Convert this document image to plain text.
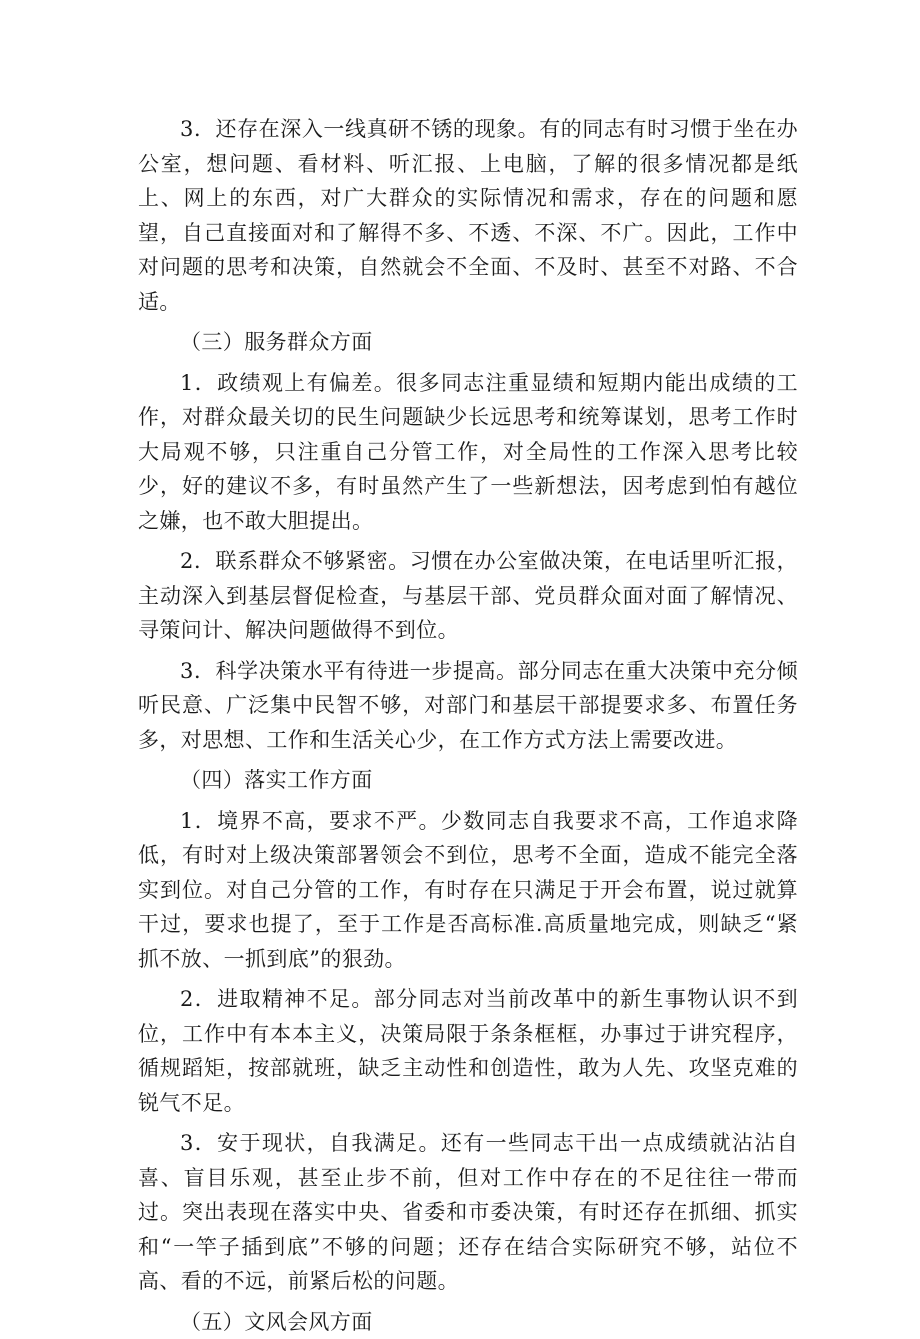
3．还存在深入一线真研不锈的现象。有的同志有时习惯于坐在办公室，想问题、看材料、听汇报、上电脑，了解的很多情况都是纸上、网上的东西，对广大群众的实际情况和需求，存在的问题和愿望，自己直接面对和了解得不多、不透、不深、不广。因此，工作中对问题的思考和决策，自然就会不全面、不及时、甚至不对路、不合适。

（三）服务群众方面

1．政绩观上有偏差。很多同志注重显绩和短期内能出成绩的工作，对群众最关切的民生问题缺少长远思考和统筹谋划，思考工作时大局观不够，只注重自己分管工作，对全局性的工作深入思考比较少，好的建议不多，有时虽然产生了一些新想法，因考虑到怕有越位之嫌，也不敢大胆提出。

2．联系群众不够紧密。习惯在办公室做决策，在电话里听汇报，主动深入到基层督促检查，与基层干部、党员群众面对面了解情况、寻策问计、解决问题做得不到位。

3．科学决策水平有待进一步提高。部分同志在重大决策中充分倾听民意、广泛集中民智不够，对部门和基层干部提要求多、布置任务多，对思想、工作和生活关心少，在工作方式方法上需要改进。

（四）落实工作方面

1．境界不高，要求不严。少数同志自我要求不高，工作追求降低，有时对上级决策部署领会不到位，思考不全面，造成不能完全落实到位。对自己分管的工作，有时存在只满足于开会布置，说过就算干过，要求也提了，至于工作是否高标准.高质量地完成，则缺乏“紧抓不放、一抓到底”的狠劲。

2．进取精神不足。部分同志对当前改革中的新生事物认识不到位，工作中有本本主义，决策局限于条条框框，办事过于讲究程序，循规蹈矩，按部就班，缺乏主动性和创造性，敢为人先、攻坚克难的锐气不足。

3．安于现状，自我满足。还有一些同志干出一点成绩就沾沾自喜、盲目乐观，甚至止步不前，但对工作中存在的不足往往一带而过。突出表现在落实中央、省委和市委决策，有时还存在抓细、抓实和“一竿子插到底”不够的问题；还存在结合实际研究不够，站位不高、看的不远，前紧后松的问题。

（五）文风会风方面
